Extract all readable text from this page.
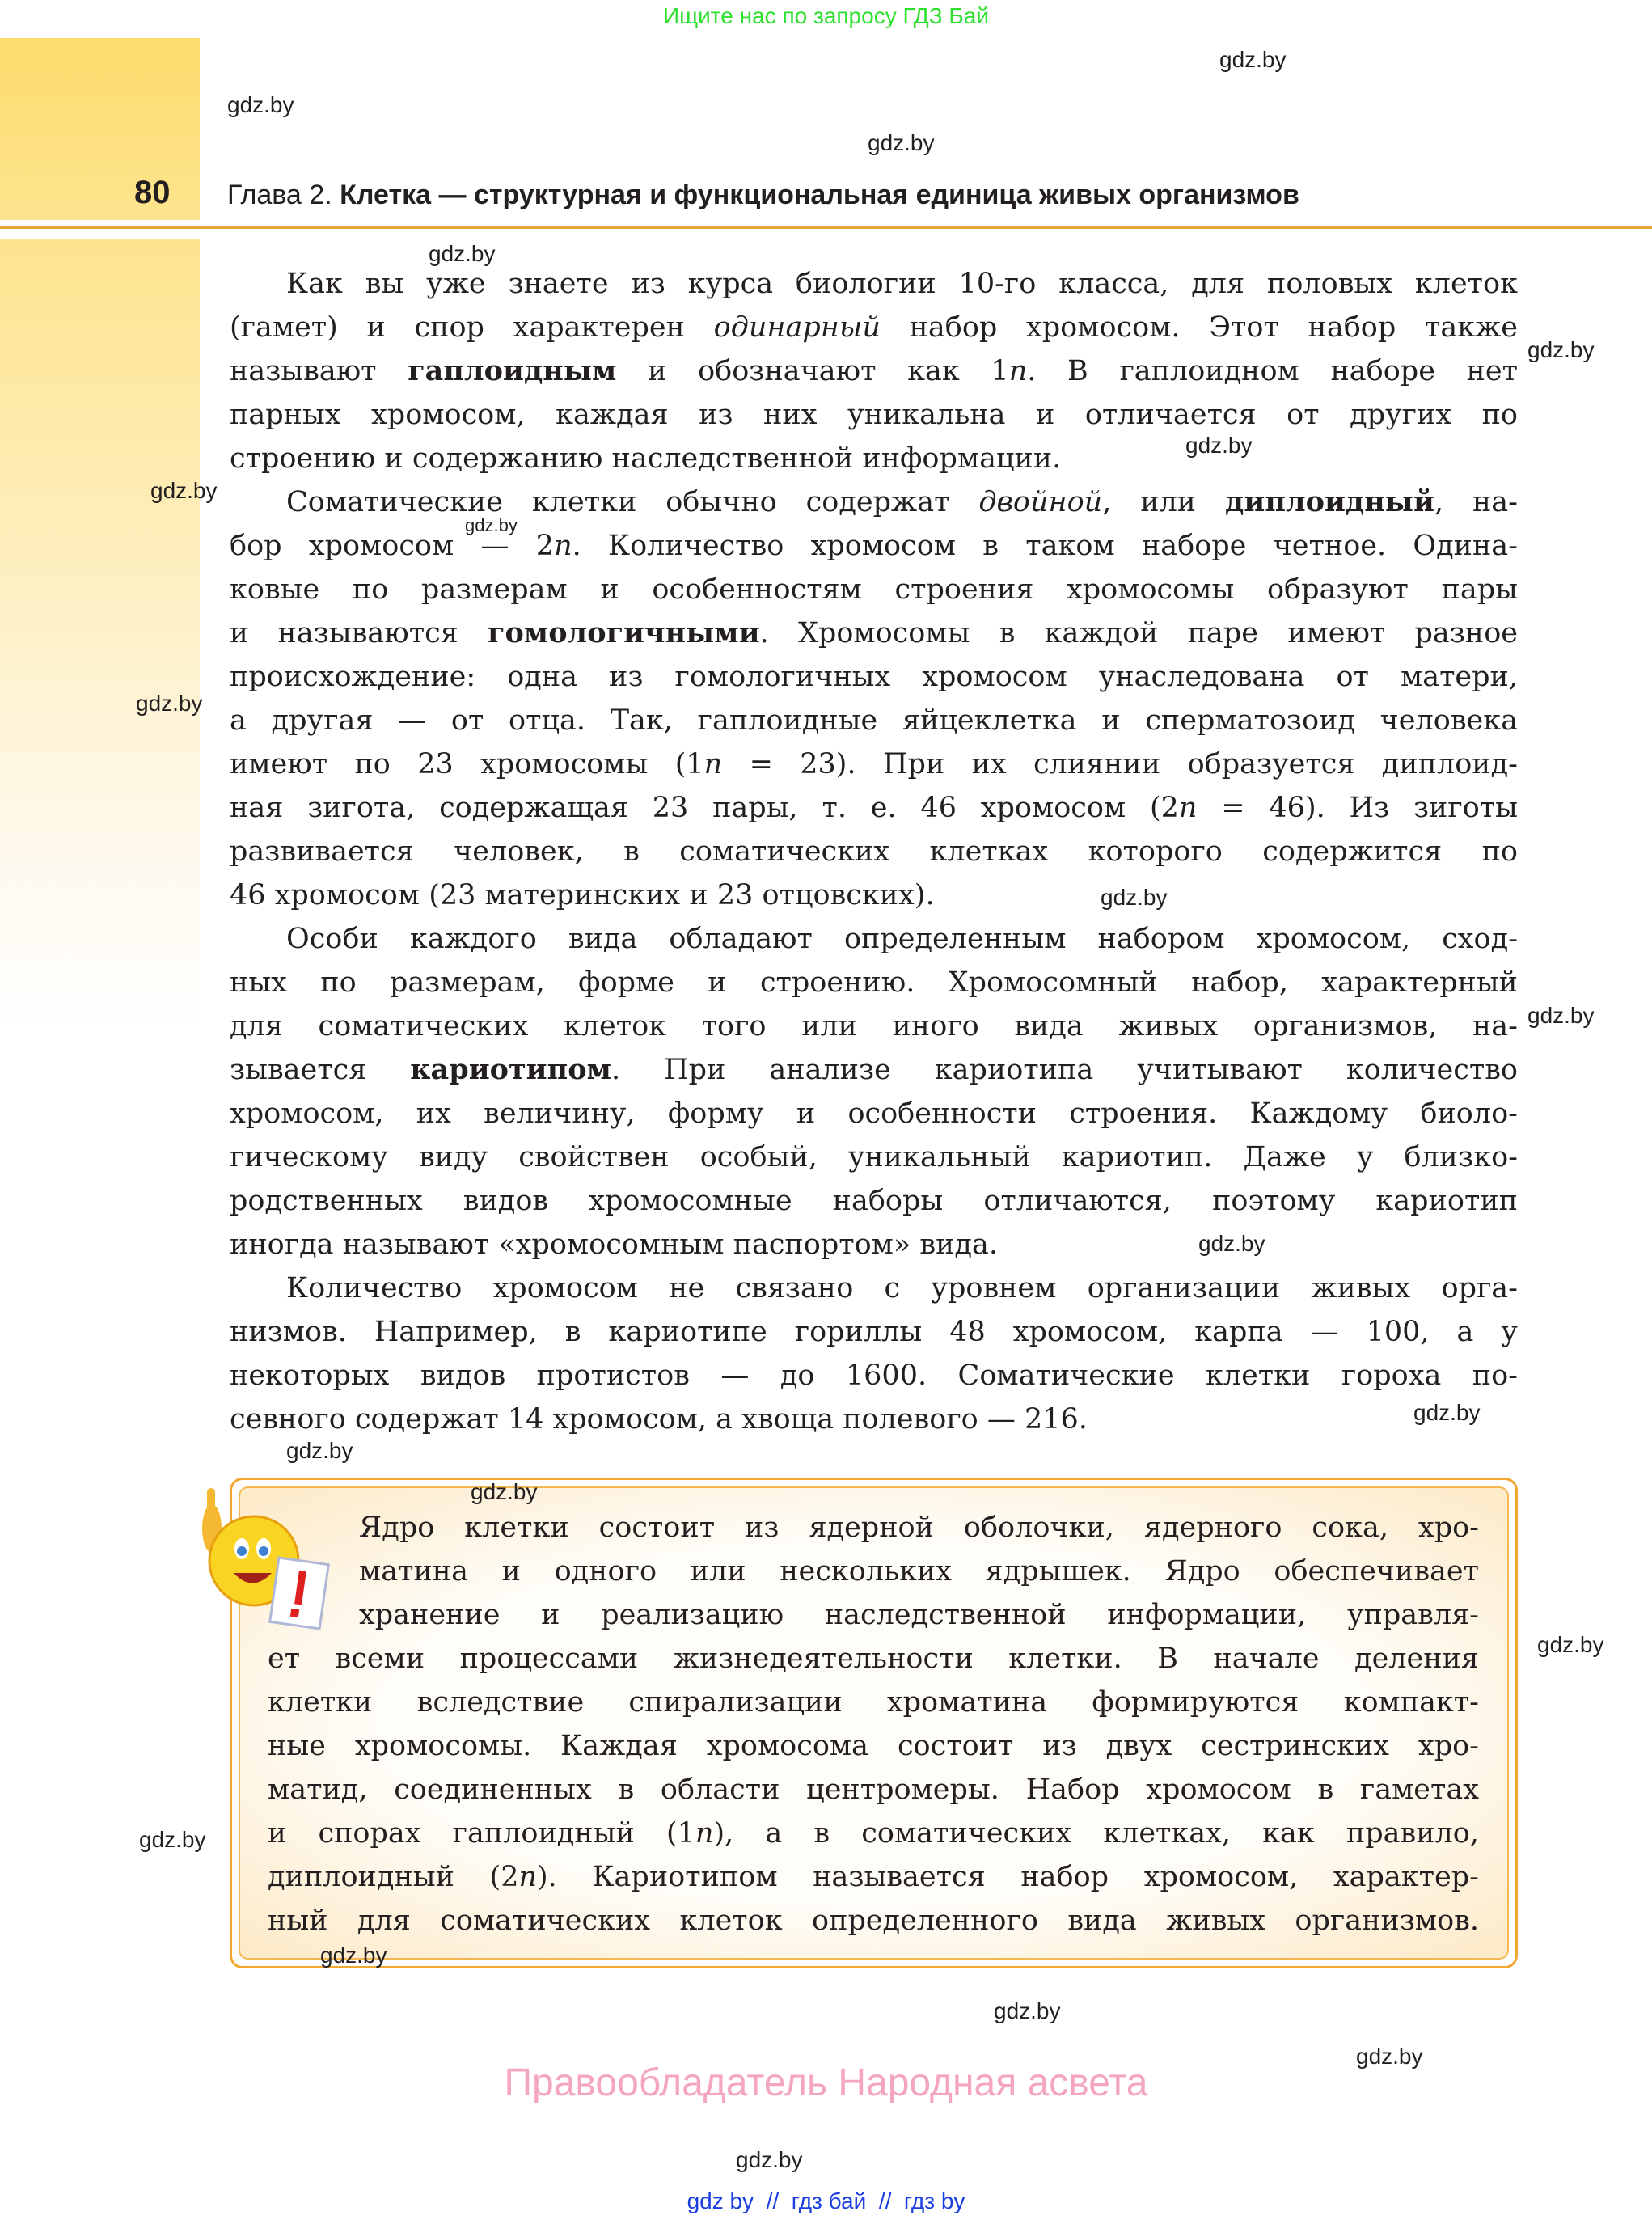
Ищите нас по запросу ГДЗ Бай
80 Глава 2. Клетка — структурная и функциональная единица живых организмов
Как вы уже знаете из курса биологии 10-го класса, для половых клеток
(гамет) и спор характерен одинарный набор хромосом. Этот набор также
называют гаплоидным и обозначают как 1n. В гаплоидном наборе нет
парных хромосом, каждая из них уникальна и отличается от других по
строению и содержанию наследственной информации.
Соматические клетки обычно содержат двойной, или диплоидный, на-
бор хромосом — 2n. Количество хромосом в таком наборе четное. Одина-
ковые по размерам и особенностям строения хромосомы образуют пары
и называются гомологичными. Хромосомы в каждой паре имеют разное
происхождение: одна из гомологичных хромосом унаследована от матери,
а другая — от отца. Так, гаплоидные яйцеклетка и сперматозоид человека
имеют по 23 хромосомы (1n = 23). При их слиянии образуется диплоид-
ная зигота, содержащая 23 пары, т. е. 46 хромосом (2n = 46). Из зиготы
развивается человек, в соматических клетках которого содержится по
46 хромосом (23 материнских и 23 отцовских).
Особи каждого вида обладают определенным набором хромосом, сход-
ных по размерам, форме и строению. Хромосомный набор, характерный
для соматических клеток того или иного вида живых организмов, на-
зывается кариотипом. При анализе кариотипа учитывают количество
хромосом, их величину, форму и особенности строения. Каждому биоло-
гическому виду свойствен особый, уникальный кариотип. Даже у близко-
родственных видов хромосомные наборы отличаются, поэтому кариотип
иногда называют «хромосомным паспортом» вида.
Количество хромосом не связано с уровнем организации живых орга-
низмов. Например, в кариотипе гориллы 48 хромосом, карпа — 100, а у
некоторых видов протистов — до 1600. Соматические клетки гороха по-
севного содержат 14 хромосом, а хвоща полевого — 216.
Ядро клетки состоит из ядерной оболочки, ядерного сока, хро-
матина и одного или нескольких ядрышек. Ядро обеспечивает
хранение и реализацию наследственной информации, управля-
ет всеми процессами жизнедеятельности клетки. В начале деления
клетки вследствие спирализации хроматина формируются компакт-
ные хромосомы. Каждая хромосома состоит из двух сестринских хро-
матид, соединенных в области центромеры. Набор хромосом в гаметах
и спорах гаплоидный (1n), а в соматических клетках, как правило,
диплоидный (2n). Кариотипом называется набор хромосом, характер-
ный для соматических клеток определенного вида живых организмов.
gdz.by
gdz.by
gdz.by
gdz.by
gdz.by
gdz.by
gdz.by
gdz.by
gdz.by
gdz.by
gdz.by
gdz.by
gdz.by
gdz.by
gdz.by
gdz.by
gdz.by
gdz.by
gdz.by
gdz.by
gdz.by
Правообладатель Народная асвета
gdz by  //  гдз бай  //  гдз by
